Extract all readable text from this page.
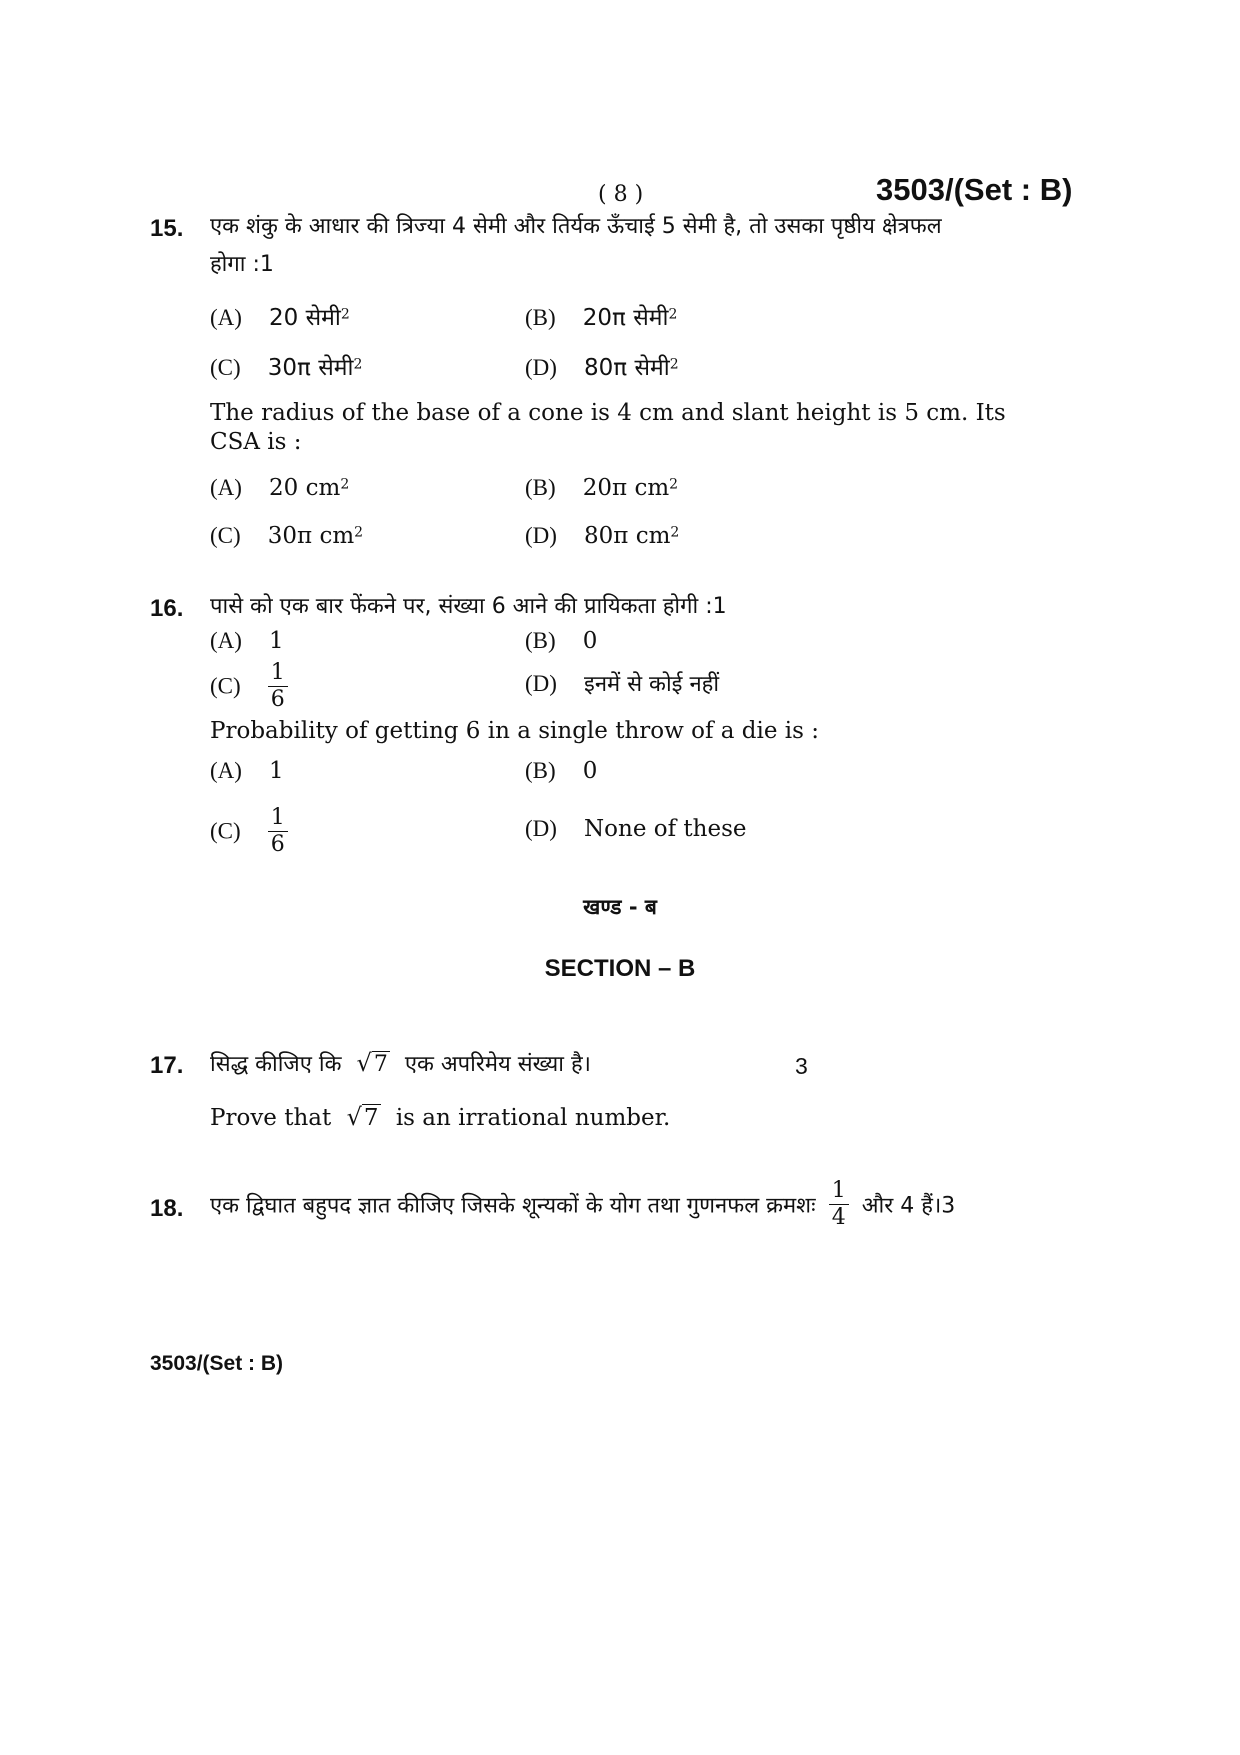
( 8 )	3503/(Set : B)
15. एक शंकु के आधार की त्रिज्या 4 सेमी और तिर्यक ऊँचाई 5 सेमी है, तो उसका पृष्ठीय क्षेत्रफल
होगा :1
(A) 20 सेमी$^2$	(B) 20π सेमी$^2$
(C) 30π सेमी$^2$	(D) 80π सेमी$^2$
The radius of the base of a cone is 4 cm and slant height is 5 cm. Its
CSA is :
(A) 20 $cm^2$	(B) 20π $cm^2$
(C) 30π $cm^2$	(D) 80π $cm^2$
16. पासे को एक बार फेंकने पर, संख्या 6 आने की प्रायिकता होगी :1
(A) 1	(B) 0
$(C) \frac{1}{6}$	(D) इनमें से कोई नहीं
Probability of getting 6 in a single throw of a die is :
(A) 1	(B) 0
$(C) \frac{1}{6}$	(D) None of these
खण्ड - ब
SECTION – B
17. सिद्ध कीजिए कि √7 एक अपरिमेय संख्या है।	3
Prove that √7 is an irrational number.
18. एक द्विघात बहुपद ज्ञात कीजिए जिसके शून्यकों के योग तथा गुणनफल क्रमशः $\frac{1}{4}$ और 4 हैं।3
3503/(Set : B)
